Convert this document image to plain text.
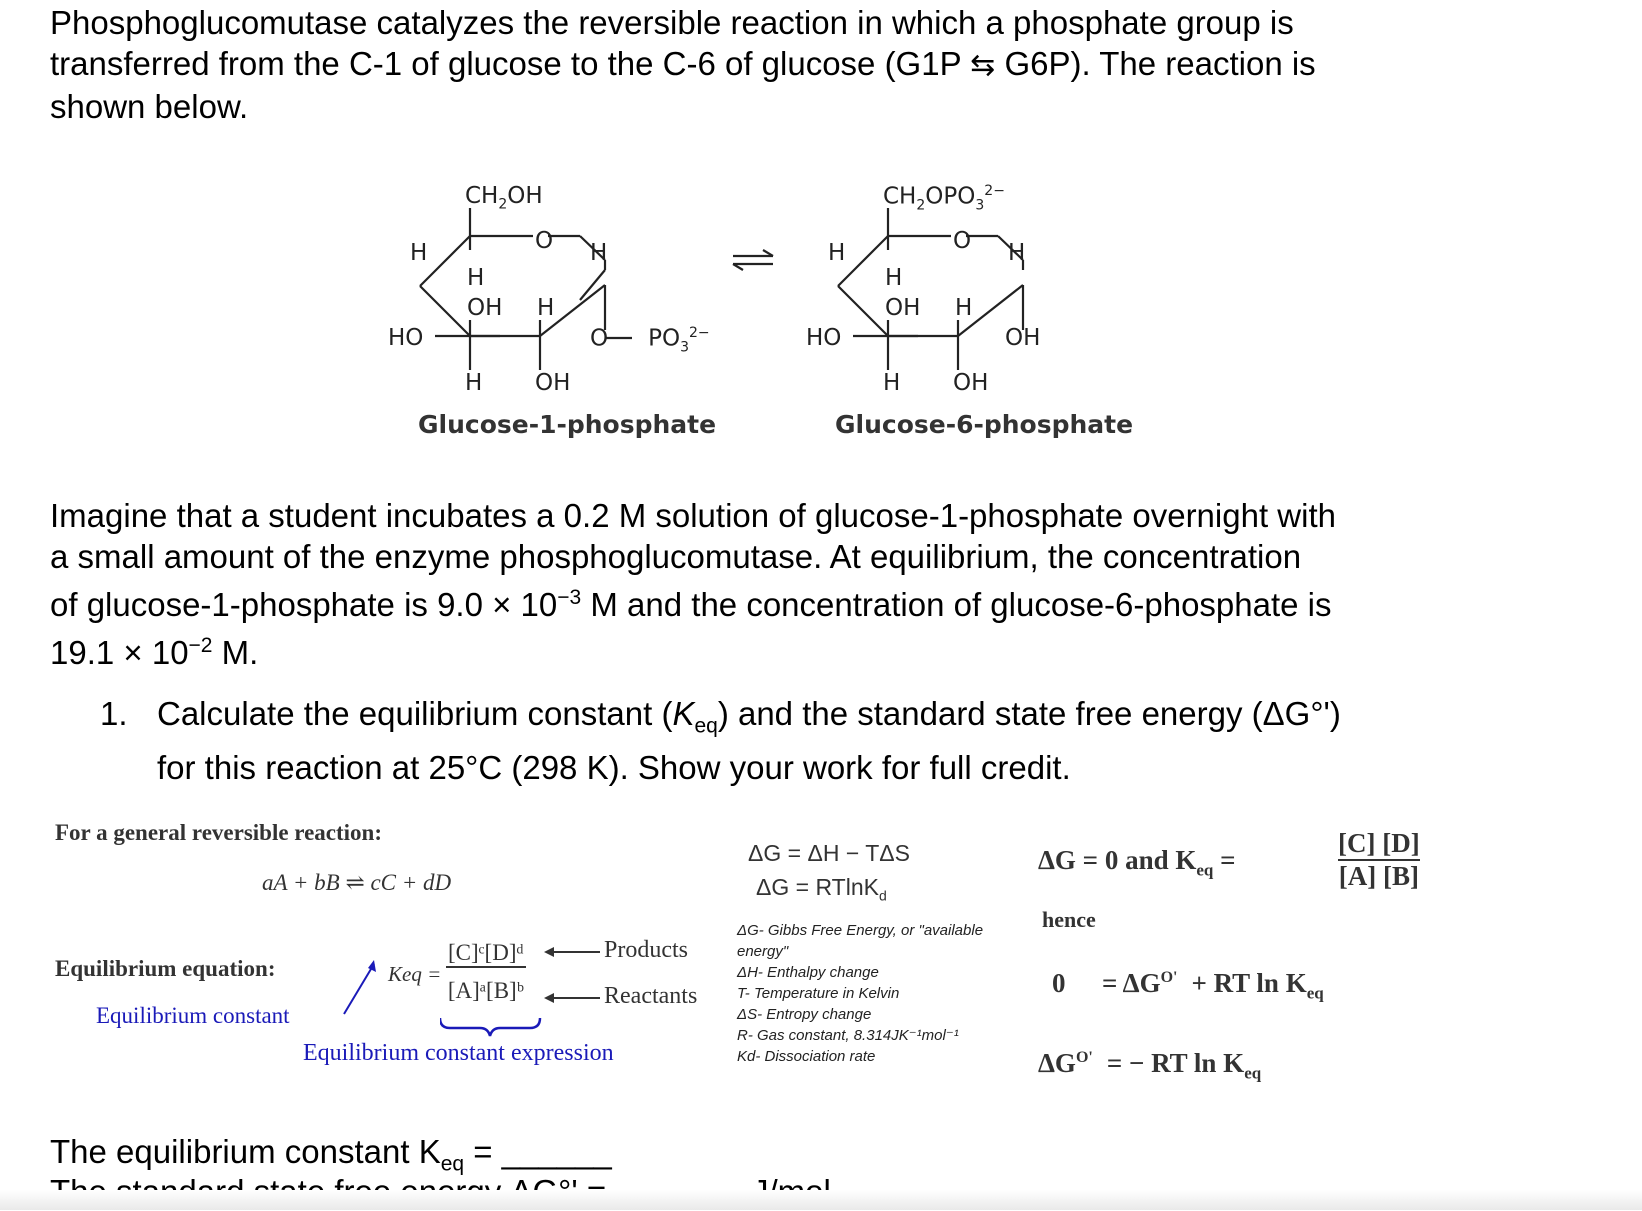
Phosphoglucomutase catalyzes the reversible reaction in which a phosphate group is
transferred from the C-1 of glucose to the C-6 of glucose (G1P ⇆ G6P). The reaction is
shown below.
$CH_2OH$
O
H	H
H
OH H
HO	O $PO_3^{2-}$
H OH
Glucose-1-phosphate
$CH_2OPO_3^{2-}$
O
H	H
H
OH H
HO	OH
H OH
Glucose-6-phosphate
Imagine that a student incubates a 0.2 M solution of glucose-1-phosphate overnight with
a small amount of the enzyme phosphoglucomutase. At equilibrium, the concentration
of glucose-1-phosphate is $9.0 \times 10^{-3}$ M and the concentration of glucose-6-phosphate is
$19.1 \times 10^{-2}$ M.
1. Calculate the equilibrium constant $(K_{eq})$ and the standard state free energy (ΔG°')
for this reaction at 25°C (298 K). Show your work for full credit.
For a general reversible reaction:
aA + bB ⇌ cC + dD
Equilibrium equation:
Equilibrium constant
Keq = $\frac{\text{[C]ᶜ[D]ᵈ}}{\text{[A]ᵃ[B]ᵇ}}$	Products
Reactants
Equilibrium constant expression
ΔG = ΔH − TΔS
ΔG = RTlnK$_d$
ΔG- Gibbs Free Energy, or "available
energy"
ΔH- Enthalpy change
T- Temperature in Kelvin
ΔS- Entropy change
R- Gas constant, 8.314JK⁻¹mol⁻¹
Kd- Dissociation rate
ΔG = 0 and $K_{eq}$ =	$\frac{[C] [D]}{[A] [B]}$
hence
$0 = \Delta G^{O'}$ + RT $\ln K_{eq}$
$\Delta G^{O'}$ = − RT $\ln K_{eq}$
The equilibrium constant $K_{eq}$ = ______
